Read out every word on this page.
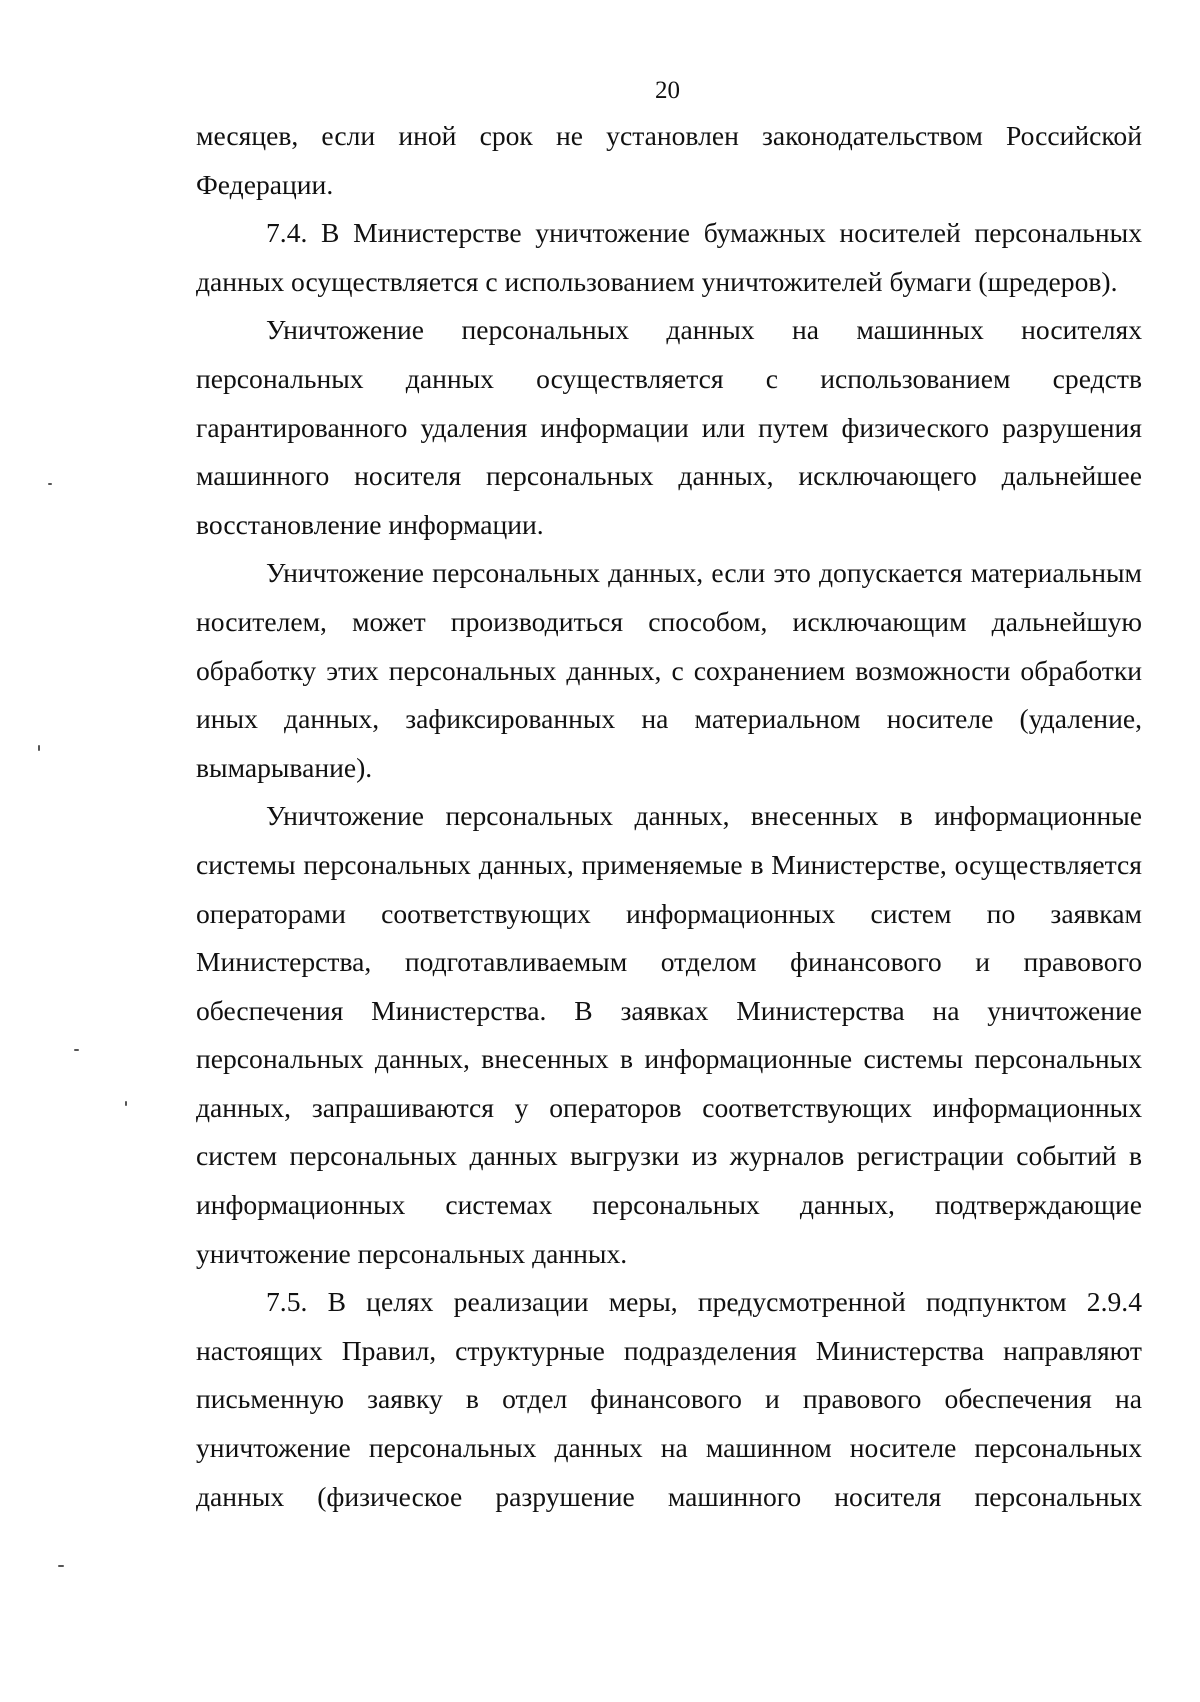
20

месяцев, если иной срок не установлен законодательством Российской Федерации.

7.4. В Министерстве уничтожение бумажных носителей персональных данных осуществляется с использованием уничтожителей бумаги (шредеров).

Уничтожение персональных данных на машинных носителях персональных данных осуществляется с использованием средств гарантированного удаления информации или путем физического разрушения машинного носителя персональных данных, исключающего дальнейшее восстановление информации.

Уничтожение персональных данных, если это допускается материальным носителем, может производиться способом, исключающим дальнейшую обработку этих персональных данных, с сохранением возможности обработки иных данных, зафиксированных на материальном носителе (удаление, вымарывание).

Уничтожение персональных данных, внесенных в информационные системы персональных данных, применяемые в Министерстве, осуществляется операторами соответствующих информационных систем по заявкам Министерства, подготавливаемым отделом финансового и правового обеспечения Министерства. В заявках Министерства на уничтожение персональных данных, внесенных в информационные системы персональных данных, запрашиваются у операторов соответствующих информационных систем персональных данных выгрузки из журналов регистрации событий в информационных системах персональных данных, подтверждающие уничтожение персональных данных.

7.5. В целях реализации меры, предусмотренной подпунктом 2.9.4 настоящих Правил, структурные подразделения Министерства направляют письменную заявку в отдел финансового и правового обеспечения на уничтожение персональных данных на машинном носителе персональных данных (физическое разрушение машинного носителя персональных
